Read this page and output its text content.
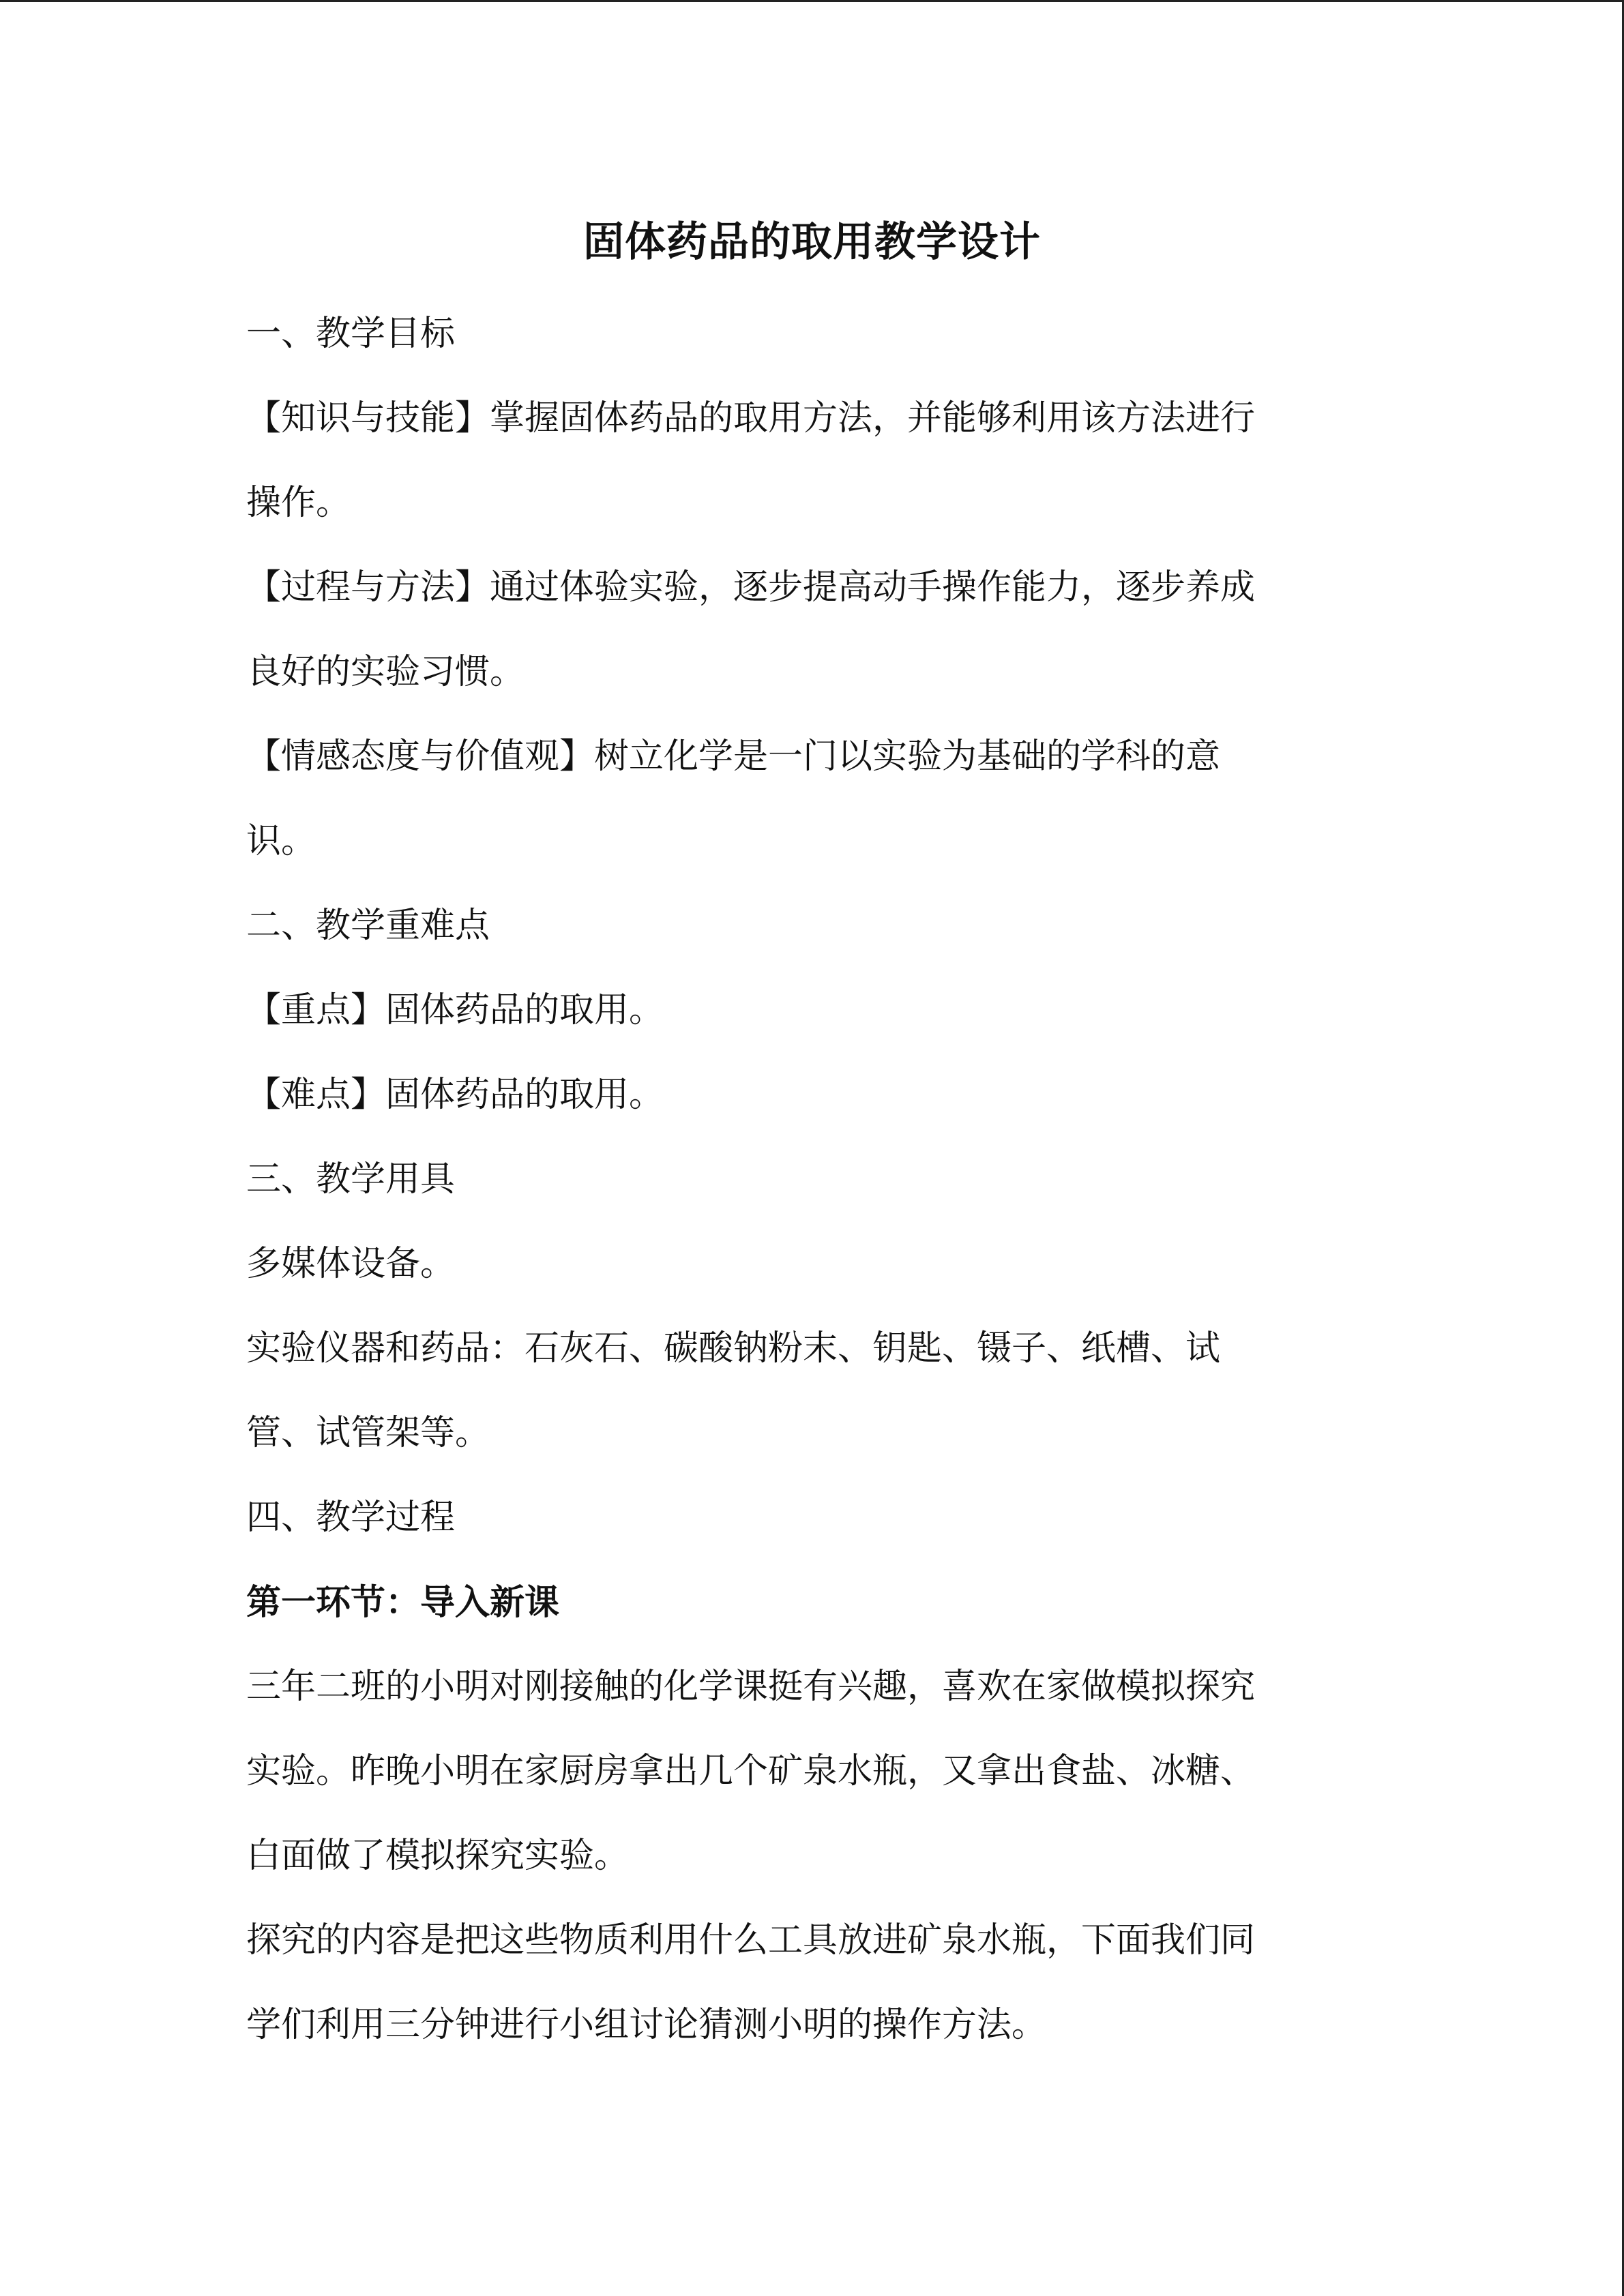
固体药品的取用教学设计

一、教学目标

【知识与技能】掌握固体药品的取用方法，并能够利用该方法进行

操作。

【过程与方法】通过体验实验，逐步提高动手操作能力，逐步养成

良好的实验习惯。

【情感态度与价值观】树立化学是一门以实验为基础的学科的意

识。

二、教学重难点

【重点】固体药品的取用。

【难点】固体药品的取用。

三、教学用具

多媒体设备。

实验仪器和药品：石灰石、碳酸钠粉末、钥匙、镊子、纸槽、试

管、试管架等。

四、教学过程

第一环节：导入新课

三年二班的小明对刚接触的化学课挺有兴趣，喜欢在家做模拟探究

实验。昨晚小明在家厨房拿出几个矿泉水瓶，又拿出食盐、冰糖、

白面做了模拟探究实验。

探究的内容是把这些物质利用什么工具放进矿泉水瓶，下面我们同

学们利用三分钟进行小组讨论猜测小明的操作方法。
